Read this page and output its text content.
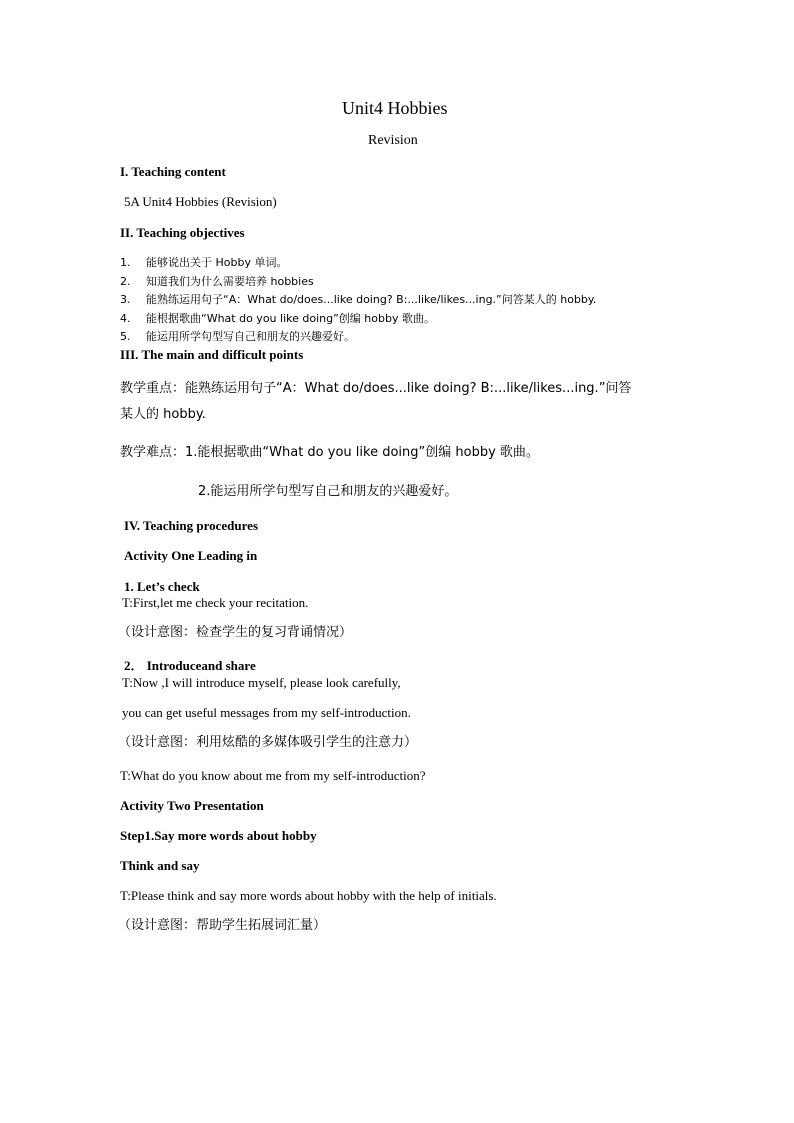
Unit4 Hobbies
Revision
I. Teaching content
5A Unit4 Hobbies (Revision)
II. Teaching objectives
1. 能够说出关于 Hobby 单词。
2. 知道我们为什么需要培养 hobbies
3. 能熟练运用句子“A：What do/does...like doing? B:...like/likes...ing.”问答某人的 hobby.
4. 能根据歌曲“What do you like doing”创编 hobby 歌曲。
5. 能运用所学句型写自己和朋友的兴趣爱好。
III. The main and difficult points
教学重点：能熟练运用句子“A：What do/does...like doing? B:...like/likes...ing.”问答
某人的 hobby.
教学难点：1.能根据歌曲“What do you like doing”创编 hobby 歌曲。
2.能运用所学句型写自己和朋友的兴趣爱好。
IV. Teaching procedures
Activity One Leading in
1. Let’s check
T:First,let me check your recitation.
（设计意图：检查学生的复习背诵情况）
2． Introduceand share
T:Now ,I will introduce myself, please look carefully,
you can get useful messages from my self-introduction.
（设计意图：利用炫酷的多媒体吸引学生的注意力）
T:What do you know about me from my self-introduction?
Activity Two Presentation
Step1.Say more words about hobby
Think and say
T:Please think and say more words about hobby with the help of initials.
（设计意图：帮助学生拓展词汇量）
